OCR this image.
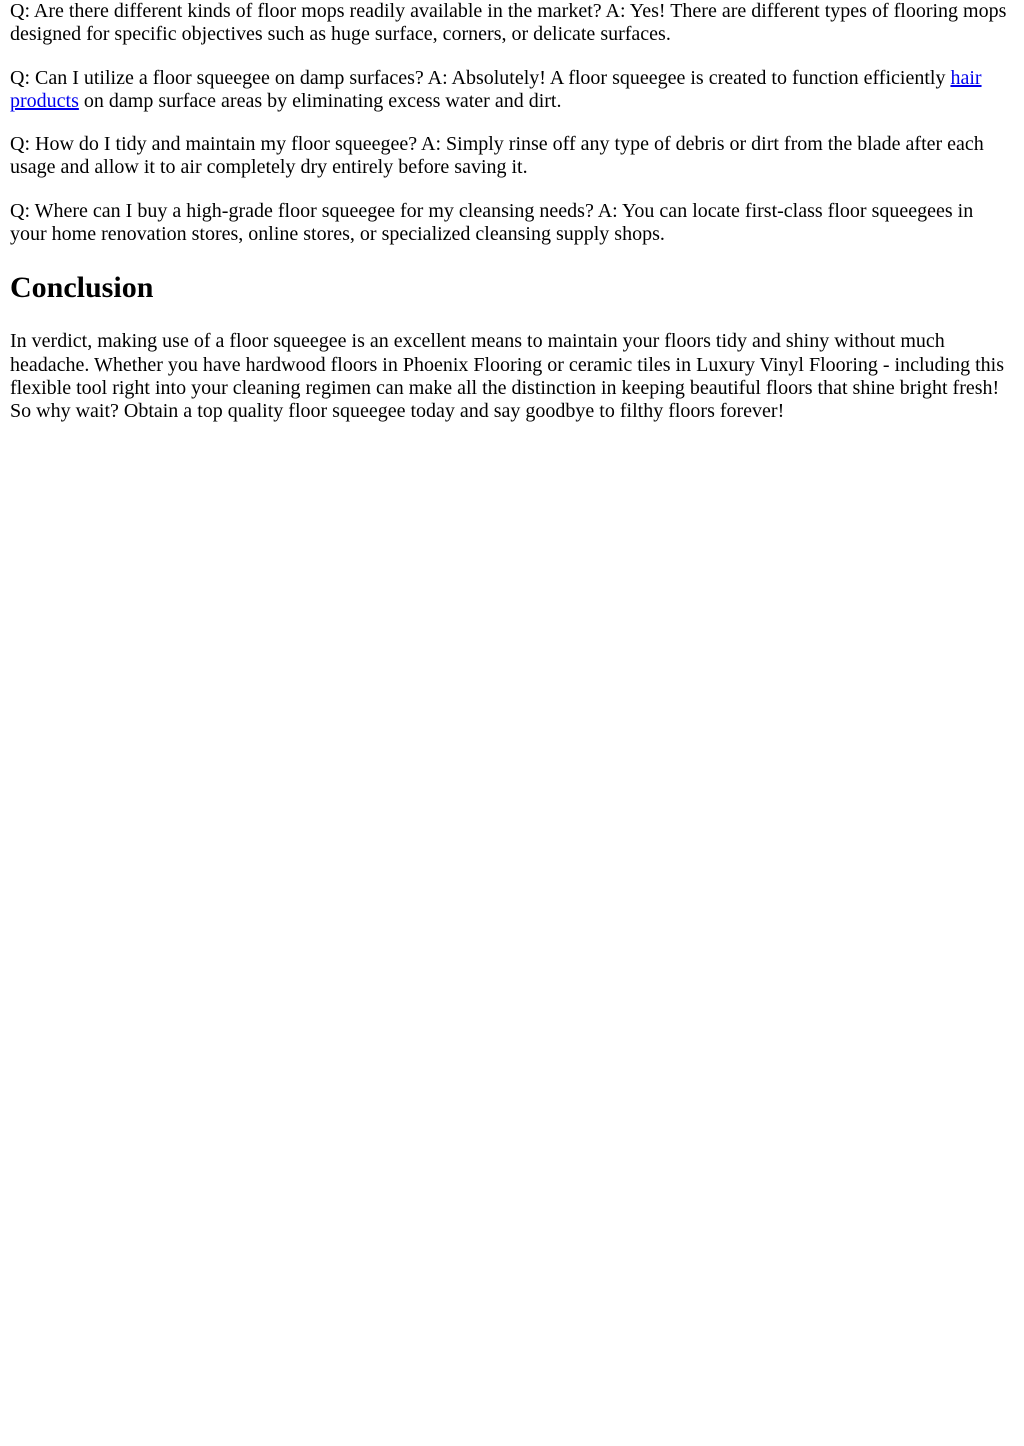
Q: Are there different kinds of floor mops readily available in the market? A: Yes! There are different types of flooring mops designed for specific objectives such as huge surface, corners, or delicate surfaces.

Q: Can I utilize a floor squeegee on damp surfaces? A: Absolutely! A floor squeegee is created to function efficiently hair products on damp surface areas by eliminating excess water and dirt.

Q: How do I tidy and maintain my floor squeegee? A: Simply rinse off any type of debris or dirt from the blade after each usage and allow it to air completely dry entirely before saving it.

Q: Where can I buy a high-grade floor squeegee for my cleansing needs? A: You can locate first-class floor squeegees in your home renovation stores, online stores, or specialized cleansing supply shops.

Conclusion

In verdict, making use of a floor squeegee is an excellent means to maintain your floors tidy and shiny without much headache. Whether you have hardwood floors in Phoenix Flooring or ceramic tiles in Luxury Vinyl Flooring - including this flexible tool right into your cleaning regimen can make all the distinction in keeping beautiful floors that shine bright fresh! So why wait? Obtain a top quality floor squeegee today and say goodbye to filthy floors forever!
